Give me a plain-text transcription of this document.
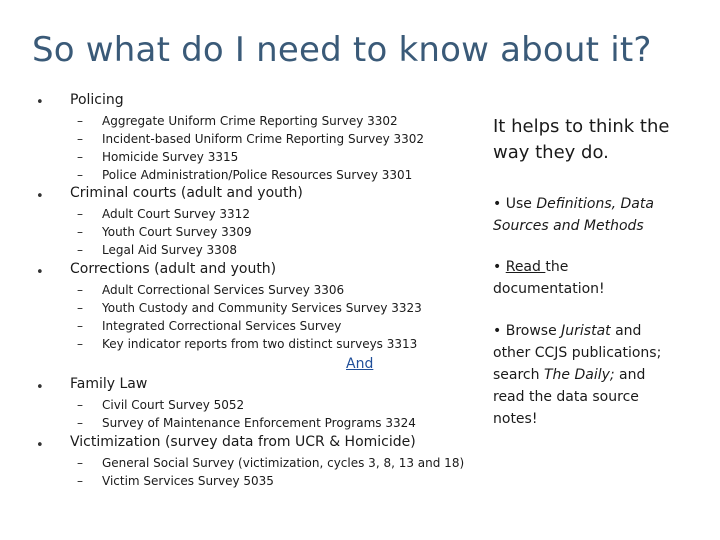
So what do I need to know about it?
• Policing
– Aggregate Uniform Crime Reporting Survey 3302
– Incident-based Uniform Crime Reporting Survey 3302
– Homicide Survey 3315
– Police Administration/Police Resources Survey 3301
• Criminal courts (adult and youth)
– Adult Court Survey 3312
– Youth Court Survey 3309
– Legal Aid Survey 3308
• Corrections (adult and youth)
– Adult Correctional Services Survey 3306
– Youth Custody and Community Services Survey 3323
– Integrated Correctional Services Survey
– Key indicator reports from two distinct surveys 3313
And
• Family Law
– Civil Court Survey 5052
– Survey of Maintenance Enforcement Programs 3324
• Victimization (survey data from UCR & Homicide)
– General Social Survey (victimization, cycles 3, 8, 13 and 18)
– Victim Services Survey 5035
It helps to think the
way they do.
• Use Definitions, Data
Sources and Methods
• Read the
documentation!
• Browse Juristat and
other CCJS publications;
search The Daily; and
read the data source
notes!
